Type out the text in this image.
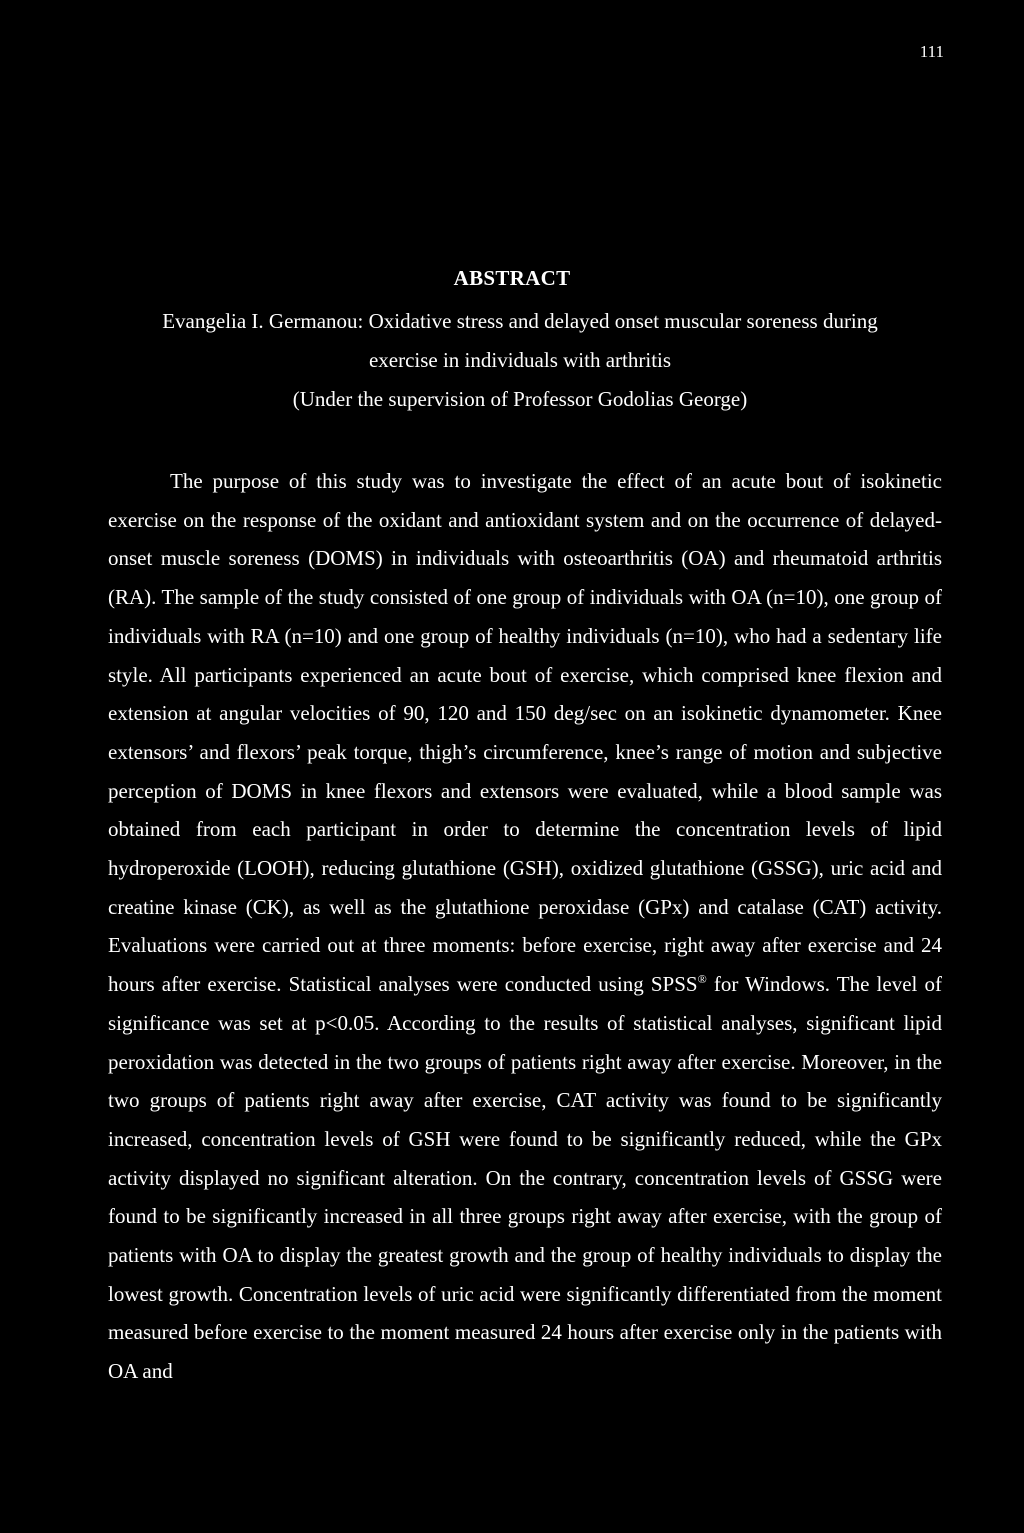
111
ABSTRACT
Evangelia I. Germanou: Oxidative stress and delayed onset muscular soreness during
exercise in individuals with arthritis
(Under the supervision of Professor Godolias George)

The purpose of this study was to investigate the effect of an acute bout of isokinetic exercise on the response of the oxidant and antioxidant system and on the occurrence of delayed-onset muscle soreness (DOMS) in individuals with osteoarthritis (OA) and rheumatoid arthritis (RA). The sample of the study consisted of one group of individuals with OA (n=10), one group of individuals with RA (n=10) and one group of healthy individuals (n=10), who had a sedentary life style. All participants experienced an acute bout of exercise, which comprised knee flexion and extension at angular velocities of 90, 120 and 150 deg/sec on an isokinetic dynamometer. Knee extensors’ and flexors’ peak torque, thigh’s circumference, knee’s range of motion and subjective perception of DOMS in knee flexors and extensors were evaluated, while a blood sample was obtained from each participant in order to determine the concentration levels of lipid hydroperoxide (LOOH), reducing glutathione (GSH), oxidized glutathione (GSSG), uric acid and creatine kinase (CK), as well as the glutathione peroxidase (GPx) and catalase (CAT) activity. Evaluations were carried out at three moments: before exercise, right away after exercise and 24 hours after exercise. Statistical analyses were conducted using SPSS® for Windows. The level of significance was set at p<0.05. According to the results of statistical analyses, significant lipid peroxidation was detected in the two groups of patients right away after exercise. Moreover, in the two groups of patients right away after exercise, CAT activity was found to be significantly increased, concentration levels of GSH were found to be significantly reduced, while the GPx activity displayed no significant alteration. On the contrary, concentration levels of GSSG were found to be significantly increased in all three groups right away after exercise, with the group of patients with OA to display the greatest growth and the group of healthy individuals to display the lowest growth. Concentration levels of uric acid were significantly differentiated from the moment measured before exercise to the moment measured 24 hours after exercise only in the patients with OA and
